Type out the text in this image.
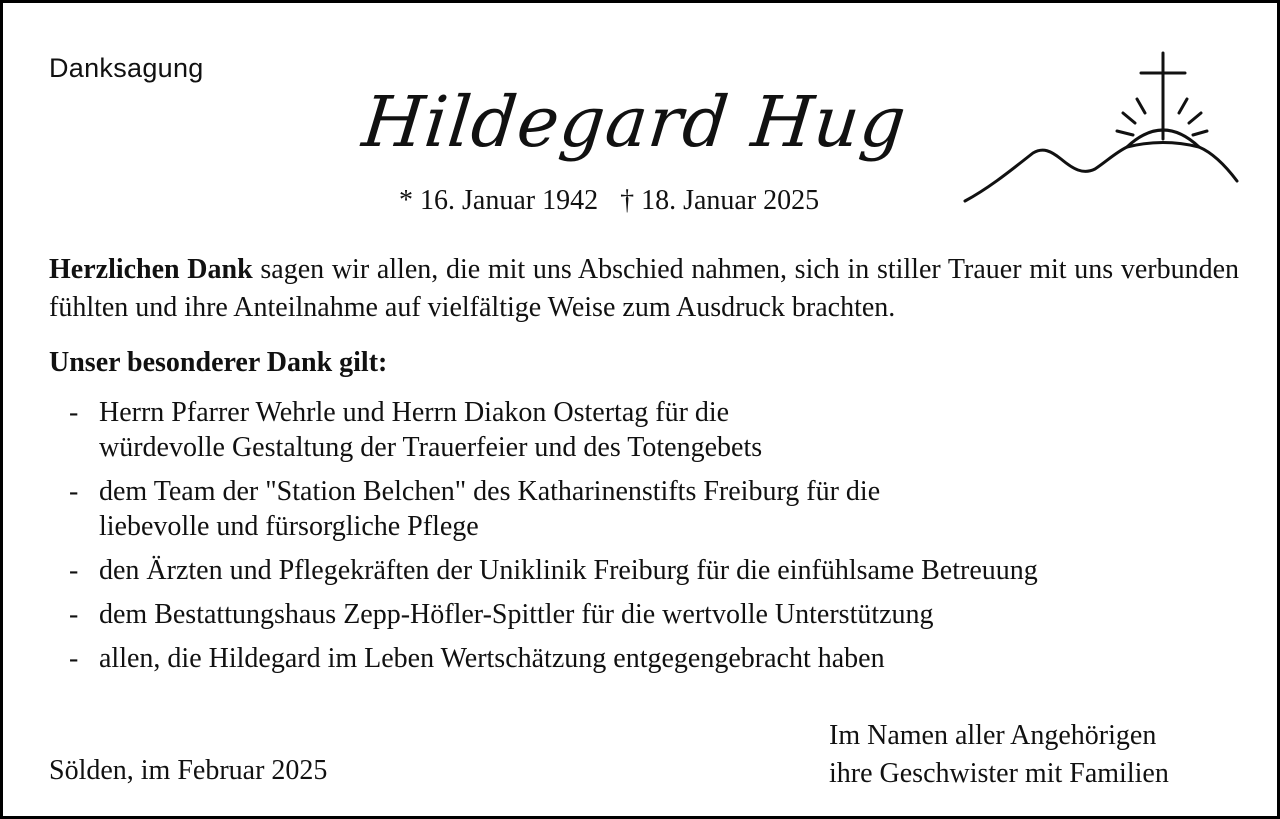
Danksagung
Hildegard Hug
* 16. Januar 1942 † 18. Januar 2025
Herzlichen Dank sagen wir allen, die mit uns Abschied nahmen, sich in stiller Trauer mit uns verbunden fühlten und ihre Anteilnahme auf vielfältige Weise zum Ausdruck brachten.
Unser besonderer Dank gilt:
- Herrn Pfarrer Wehrle und Herrn Diakon Ostertag für die
würdevolle Gestaltung der Trauerfeier und des Totengebets
- dem Team der "Station Belchen" des Katharinenstifts Freiburg für die
liebevolle und fürsorgliche Pflege
- den Ärzten und Pflegekräften der Uniklinik Freiburg für die einfühlsame Betreuung
- dem Bestattungshaus Zepp-Höfler-Spittler für die wertvolle Unterstützung
- allen, die Hildegard im Leben Wertschätzung entgegengebracht haben
Sölden, im Februar 2025
Im Namen aller Angehörigen
ihre Geschwister mit Familien
